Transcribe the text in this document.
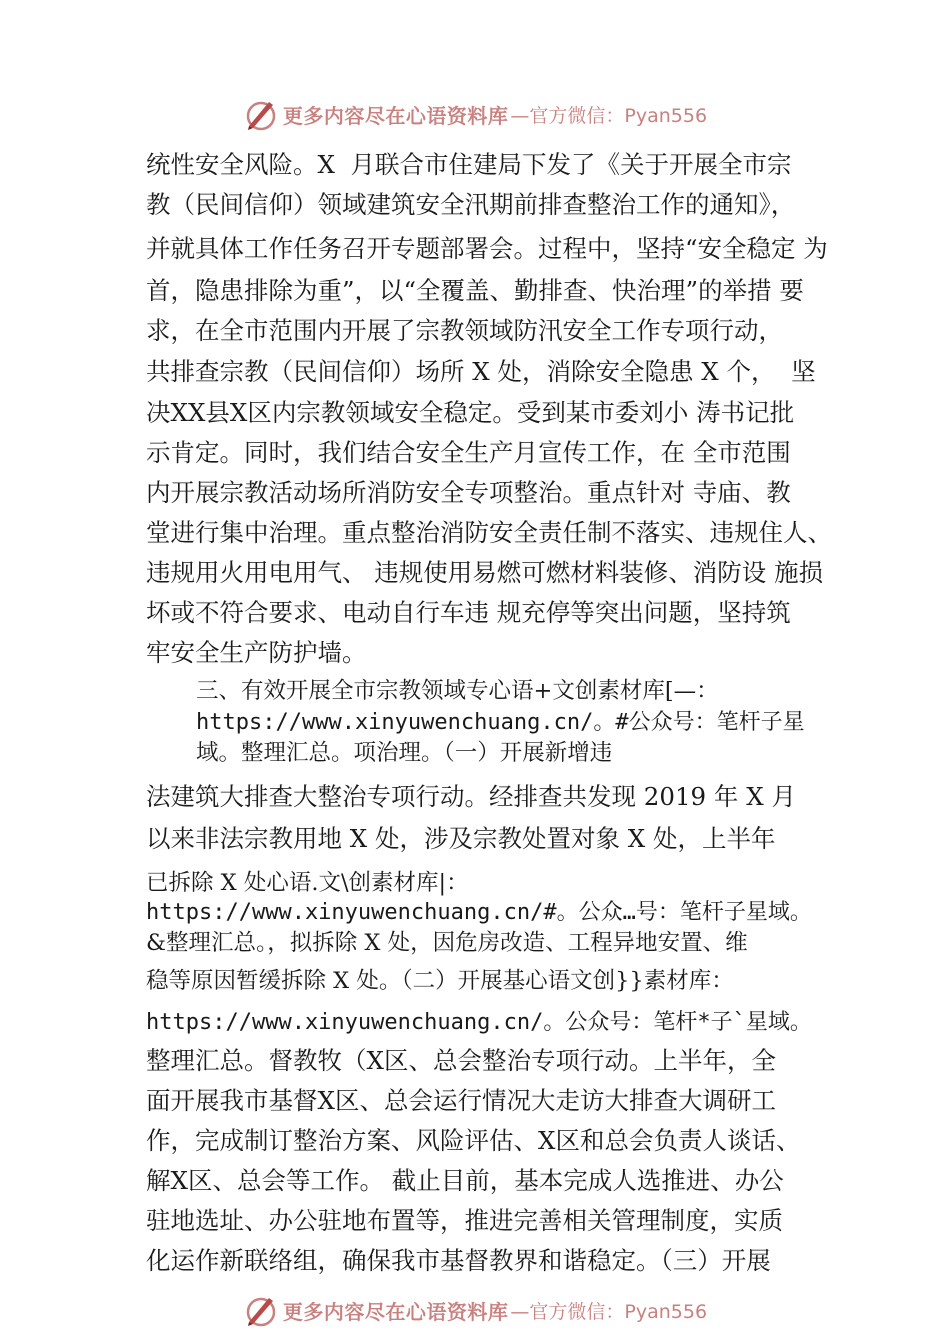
更多内容尽在心语资料库 —官方微信：Pyan556
统性安全风险。X  月联合市住建局下发了《关于开展全市宗
教（民间信仰）领域建筑安全汛期前排查整治工作的通知》，
并就具体工作任务召开专题部署会。过程中，坚持“安全稳定 为
首，隐患排除为重”，以“全覆盖、勤排查、快治理”的举措 要
求，在全市范围内开展了宗教领域防汛安全工作专项行动，
共排查宗教（民间信仰）场所 X 处，消除安全隐患 X 个，  坚
决XX县X区内宗教领域安全稳定。受到某市委刘小 涛书记批
示肯定。同时，我们结合安全生产月宣传工作，在 全市范围
内开展宗教活动场所消防安全专项整治。重点针对 寺庙、教
堂进行集中治理。重点整治消防安全责任制不落实、违规住人、
违规用火用电用气、 违规使用易燃可燃材料装修、消防设 施损
坏或不符合要求、电动自行车违 规充停等突出问题，坚持筑
牢安全生产防护墙。
三、有效开展全市宗教领域专心语+文创素材库[—：
https://www.xinyuwenchuang.cn/。#公众号：笔杆子星
域。整理汇总。项治理。（一）开展新增违
法建筑大排查大整治专项行动。经排查共发现 2019 年 X 月
以来非法宗教用地 X 处，涉及宗教处置对象 X 处，上半年
已拆除 X 处心语.文\创素材库|：
https://www.xinyuwenchuang.cn/#。公众…号：笔杆子星域。
&整理汇总。，拟拆除 X 处，因危房改造、工程异地安置、维
稳等原因暂缓拆除 X 处。（二）开展基心语文创}}素材库：
https://www.xinyuwenchuang.cn/。公众号：笔杆*子`星域。
整理汇总。督教牧（X区、总会整治专项行动。上半年，全
面开展我市基督X区、总会运行情况大走访大排查大调研工
作，完成制订整治方案、风险评估、X区和总会负责人谈话、
解X区、总会等工作。 截止目前，基本完成人选推进、办公
驻地选址、办公驻地布置等，推进完善相关管理制度，实质
化运作新联络组，确保我市基督教界和谐稳定。（三）开展
更多内容尽在心语资料库 —官方微信：Pyan556
